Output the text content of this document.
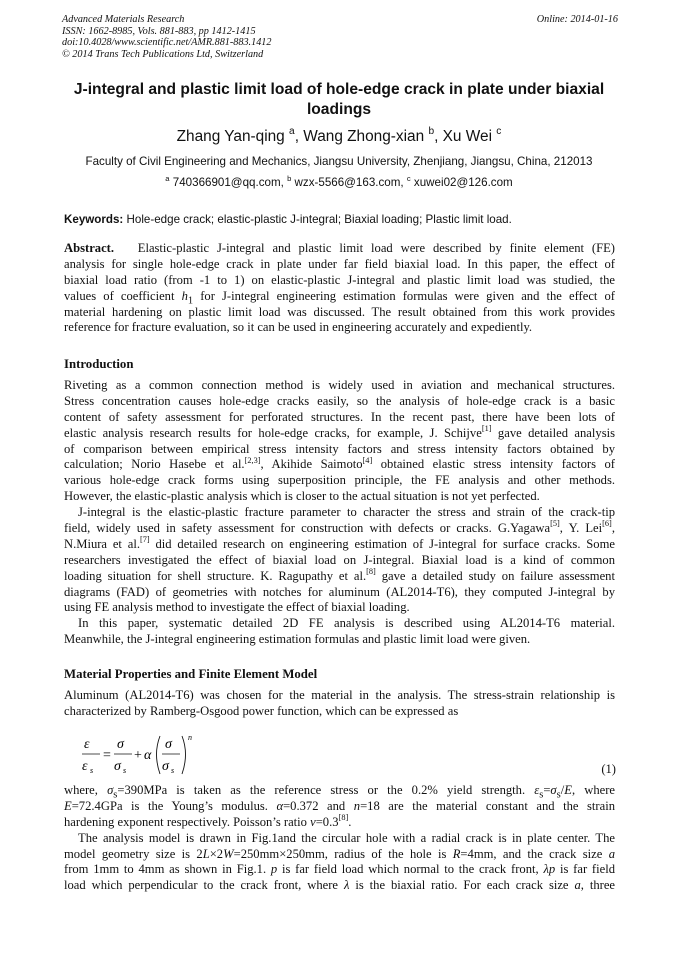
Advanced Materials Research
ISSN: 1662-8985, Vols. 881-883, pp 1412-1415
doi:10.4028/www.scientific.net/AMR.881-883.1412
© 2014 Trans Tech Publications Ltd, Switzerland
Online: 2014-01-16
J-integral and plastic limit load of hole-edge crack in plate under biaxial
loadings
Zhang Yan-qing $^a$, Wang Zhong-xian $^b$, Xu Wei $^c$
Faculty of Civil Engineering and Mechanics, Jiangsu University, Zhenjiang, Jiangsu, China, 212013
$^a$ 740366901@qq.com, $^b$ wzx-5566@163.com, $^c$ xuwei02@126.com
Keywords: Hole-edge crack; elastic-plastic J-integral; Biaxial loading; Plastic limit load.
Abstract. Elastic-plastic J-integral and plastic limit load were described by finite element (FE)
analysis for single hole-edge crack in plate under far field biaxial load. In this paper, the effect of
biaxial load ratio (from -1 to 1) on elastic-plastic J-integral and plastic limit load was studied, the
values of coefficient $h_1$ for J-integral engineering estimation formulas were given and the effect of
material hardening on plastic limit load was discussed. The result obtained from this work provides
reference for fracture evaluation, so it can be used in engineering accurately and expediently.
Introduction
Riveting as a common connection method is widely used in aviation and mechanical structures.
Stress concentration causes hole-edge cracks easily, so the analysis of hole-edge crack is a basic
content of safety assessment for perforated structures. In the recent past, there have been lots of
elastic analysis research results for hole-edge cracks, for example, J. Schijve[1] gave detailed analysis
of comparison between empirical stress intensity factors and stress intensity factors obtained by
calculation; Norio Hasebe et al.[2,3], Akihide Saimoto[4] obtained elastic stress intensity factors of
various hole-edge crack forms using superposition principle, the FE analysis and other methods.
However, the elastic-plastic analysis which is closer to the actual situation is not yet perfected.
J-integral is the elastic-plastic fracture parameter to character the stress and strain of the crack-tip
field, widely used in safety assessment for construction with defects or cracks. G.Yagawa[5], Y. Lei[6],
N.Miura et al.[7] did detailed research on engineering estimation of J-integral for surface cracks. Some
researchers investigated the effect of biaxial load on J-integral. Biaxial load is a kind of common
loading situation for shell structure. K. Ragupathy et al.[8] gave a detailed study on failure assessment
diagrams (FAD) of geometries with notches for aluminum (AL2014-T6), they computed J-integral by
using FE analysis method to investigate the effect of biaxial loading.
In this paper, systematic detailed 2D FE analysis is described using AL2014-T6 material.
Meanwhile, the J-integral engineering estimation formulas and plastic limit load were given.
Material Properties and Finite Element Model
Aluminum (AL2014-T6) was chosen for the material in the analysis. The stress-strain relationship is
characterized by Ramberg-Osgood power function, which can be expressed as
ε
ε s
=
σ
σ s
+ α
σ
σ s
n
(1)
where, $\sigma_s=390MPa$ is taken as the reference stress or the 0.2% yield strength. $\varepsilon_s=\sigma_s/E$, where
E=72.4GPa is the Young’s modulus. α=0.372 and n=18 are the material constant and the strain
hardening exponent respectively. Poisson’s ratio ν=0.3[8].
The analysis model is drawn in Fig.1and the circular hole with a radial crack is in plate center. The
model geometry size is 2L×2W=250mm×250mm, radius of the hole is R=4mm, and the crack size a
from 1mm to 4mm as shown in Fig.1. p is far field load which normal to the crack front, λp is far field
load which perpendicular to the crack front, where λ is the biaxial ratio. For each crack size a, three
